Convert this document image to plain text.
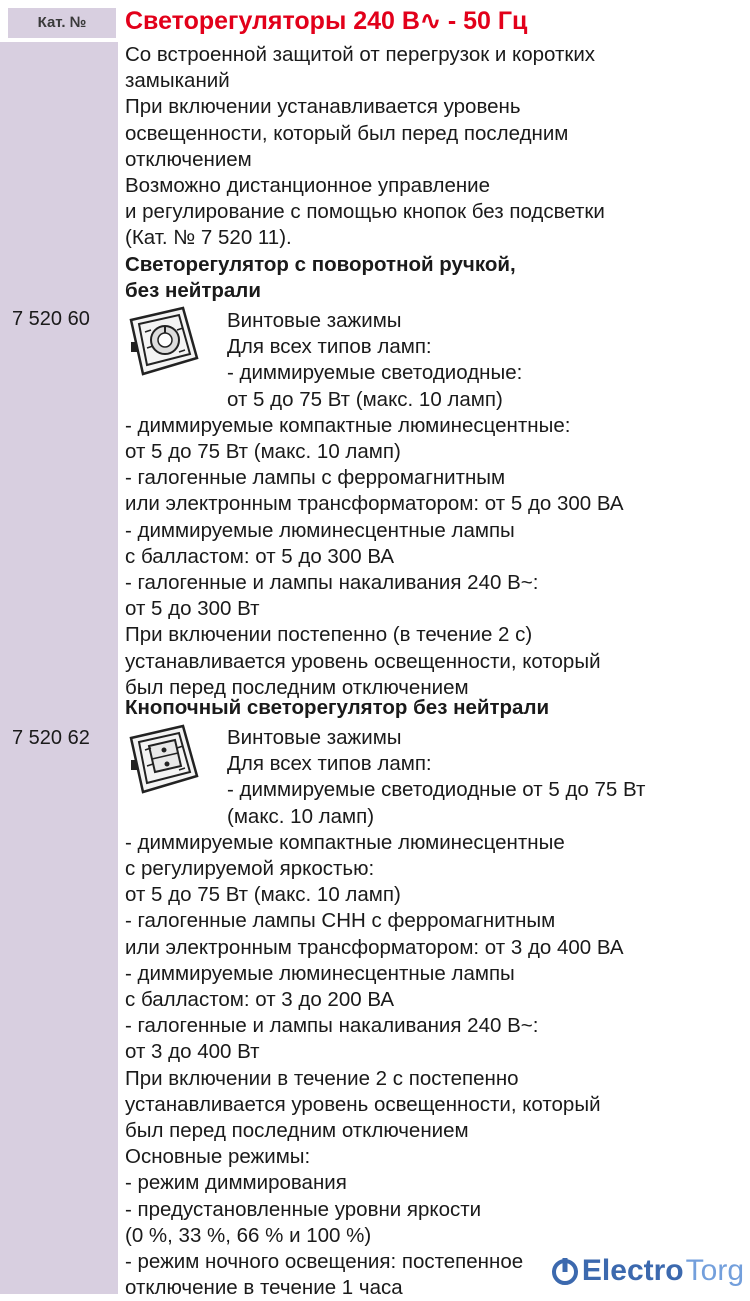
Кат. №	Светорегуляторы 240 В∿ - 50 Гц
Со встроенной защитой от перегрузок и коротких
замыканий
При включении устанавливается уровень
освещенности, который был перед последним
отключением
Возможно дистанционное управление
и регулирование с помощью кнопок без подсветки
(Кат. № 7 520 11).
Светорегулятор с поворотной ручкой,
без нейтрали
7 520 60	Винтовые зажимы
Для всех типов ламп:
- диммируемые светодиодные:
от 5 до 75 Вт (макс. 10 ламп)
- диммируемые компактные люминесцентные:
от 5 до 75 Вт (макс. 10 ламп)
- галогенные лампы с ферромагнитным
или электронным трансформатором: от 5 до 300 ВА
- диммируемые люминесцентные лампы
с балластом: от 5 до 300 ВА
- галогенные и лампы накаливания 240 В~:
от 5 до 300 Вт
При включении постепенно (в течение 2 с)
устанавливается уровень освещенности, который
был перед последним отключением
Кнопочный светорегулятор без нейтрали
7 520 62	Винтовые зажимы
Для всех типов ламп:
- диммируемые светодиодные от 5 до 75 Вт
(макс. 10 ламп)
- диммируемые компактные люминесцентные
с регулируемой яркостью:
от 5 до 75 Вт (макс. 10 ламп)
- галогенные лампы СНН с ферромагнитным
или электронным трансформатором: от 3 до 400 ВА
- диммируемые люминесцентные лампы
с балластом: от 3 до 200 ВА
- галогенные и лампы накаливания 240 В~:
от 3 до 400 Вт
При включении в течение 2 с постепенно
устанавливается уровень освещенности, который
был перед последним отключением
Основные режимы:
- режим диммирования
- предустановленные уровни яркости
(0 %, 33 %, 66 % и 100 %)
- режим ночного освещения: постепенное
отключение в течение 1 часа
Electro Torg
